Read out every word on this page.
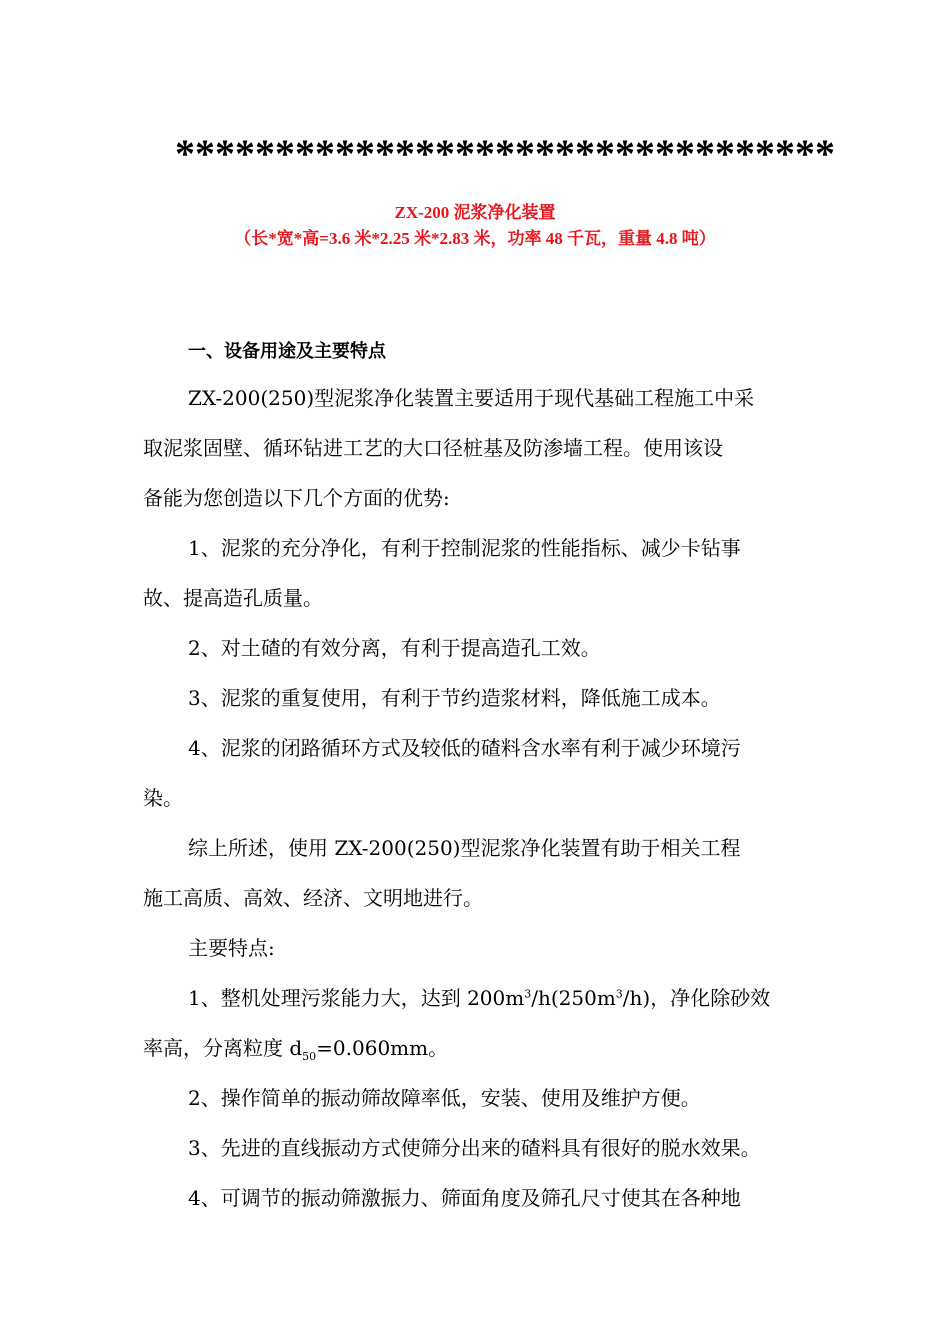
*********************************
ZX-200 泥浆净化装置
（长*宽*高=3.6 米*2.25 米*2.83 米，功率 48 千瓦，重量 4.8 吨）
一、设备用途及主要特点
ZX-200(250)型泥浆净化装置主要适用于现代基础工程施工中采
取泥浆固壁、循环钻进工艺的大口径桩基及防渗墙工程。使用该设
备能为您创造以下几个方面的优势:
1、泥浆的充分净化，有利于控制泥浆的性能指标、减少卡钻事
故、提高造孔质量。
2、对土碴的有效分离，有利于提高造孔工效。
3、泥浆的重复使用，有利于节约造浆材料，降低施工成本。
4、泥浆的闭路循环方式及较低的碴料含水率有利于减少环境污
染。
综上所述，使用 ZX-200(250)型泥浆净化装置有助于相关工程
施工高质、高效、经济、文明地进行。
主要特点:
1、整机处理污浆能力大，达到 $200m^3/h(250m^3/h)$，净化除砂效
率高，分离粒度 $d_{50}=0.060mm$。
2、操作简单的振动筛故障率低，安装、使用及维护方便。
3、先进的直线振动方式使筛分出来的碴料具有很好的脱水效果。
4、可调节的振动筛激振力、筛面角度及筛孔尺寸使其在各种地
